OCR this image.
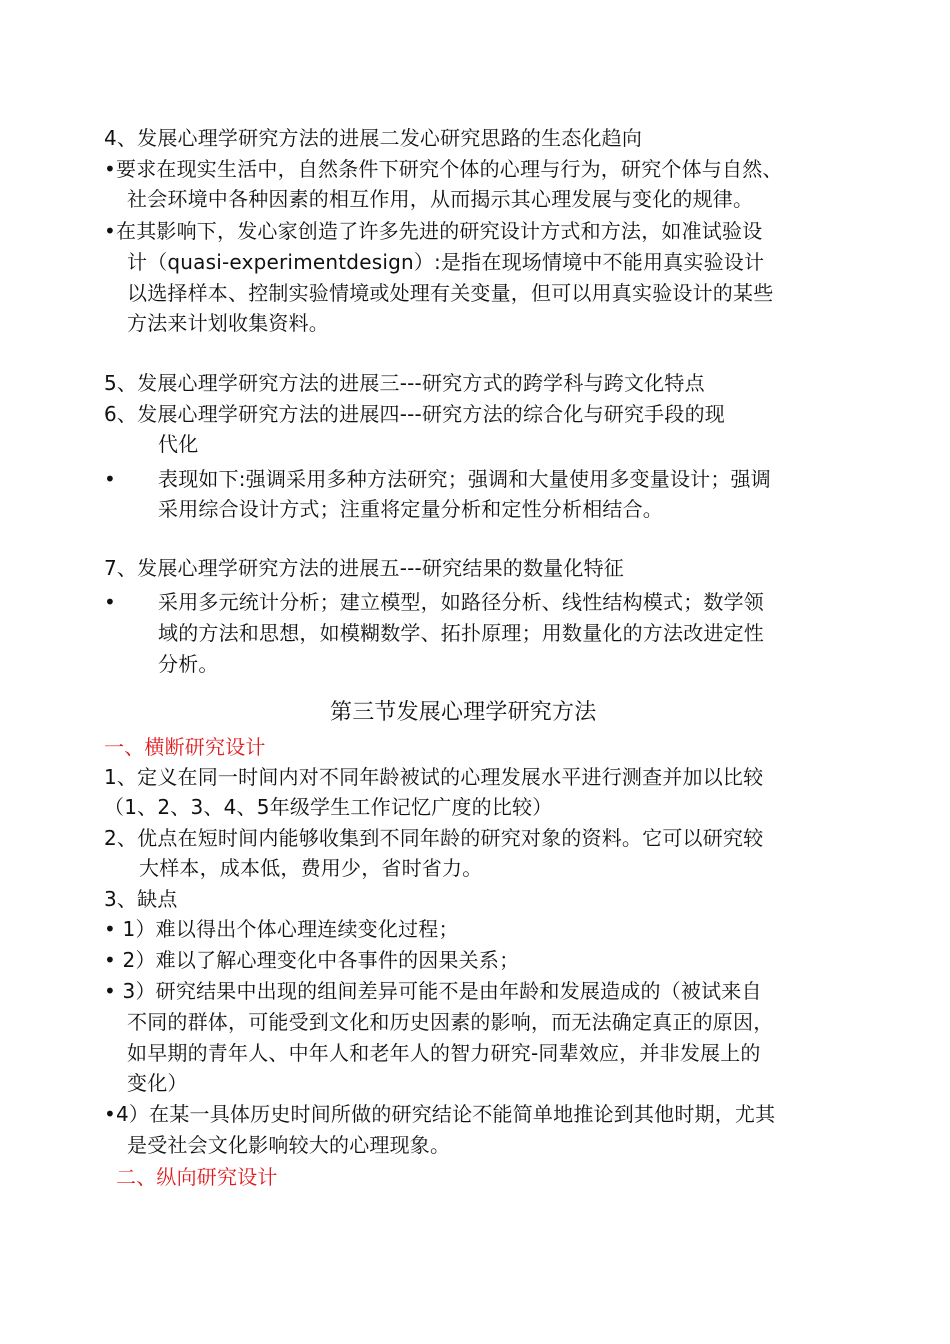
4、发展心理学研究方法的进展二发心研究思路的生态化趋向
•要求在现实生活中，自然条件下研究个体的心理与行为，研究个体与自然、
社会环境中各种因素的相互作用，从而揭示其心理发展与变化的规律。
•在其影响下，发心家创造了许多先进的研究设计方式和方法，如准试验设
计（quasi-experimentdesign）:是指在现场情境中不能用真实验设计
以选择样本、控制实验情境或处理有关变量，但可以用真实验设计的某些
方法来计划收集资料。
5、发展心理学研究方法的进展三---研究方式的跨学科与跨文化特点
6、发展心理学研究方法的进展四---研究方法的综合化与研究手段的现
代化
• 表现如下:强调采用多种方法研究；强调和大量使用多变量设计；强调
采用综合设计方式；注重将定量分析和定性分析相结合。
7、发展心理学研究方法的进展五---研究结果的数量化特征
• 采用多元统计分析；建立模型，如路径分析、线性结构模式；数学领
域的方法和思想，如模糊数学、拓扑原理；用数量化的方法改进定性
分析。
第三节发展心理学研究方法
一、横断研究设计
1、定义在同一时间内对不同年龄被试的心理发展水平进行测查并加以比较
（1、2、3、4、5年级学生工作记忆广度的比较）
2、优点在短时间内能够收集到不同年龄的研究对象的资料。它可以研究较
大样本，成本低，费用少，省时省力。
3、缺点
• 1）难以得出个体心理连续变化过程；
• 2）难以了解心理变化中各事件的因果关系；
• 3）研究结果中出现的组间差异可能不是由年龄和发展造成的（被试来自
不同的群体，可能受到文化和历史因素的影响，而无法确定真正的原因，
如早期的青年人、中年人和老年人的智力研究-同辈效应，并非发展上的
变化）
•4）在某一具体历史时间所做的研究结论不能简单地推论到其他时期，尤其
是受社会文化影响较大的心理现象。
二、纵向研究设计
